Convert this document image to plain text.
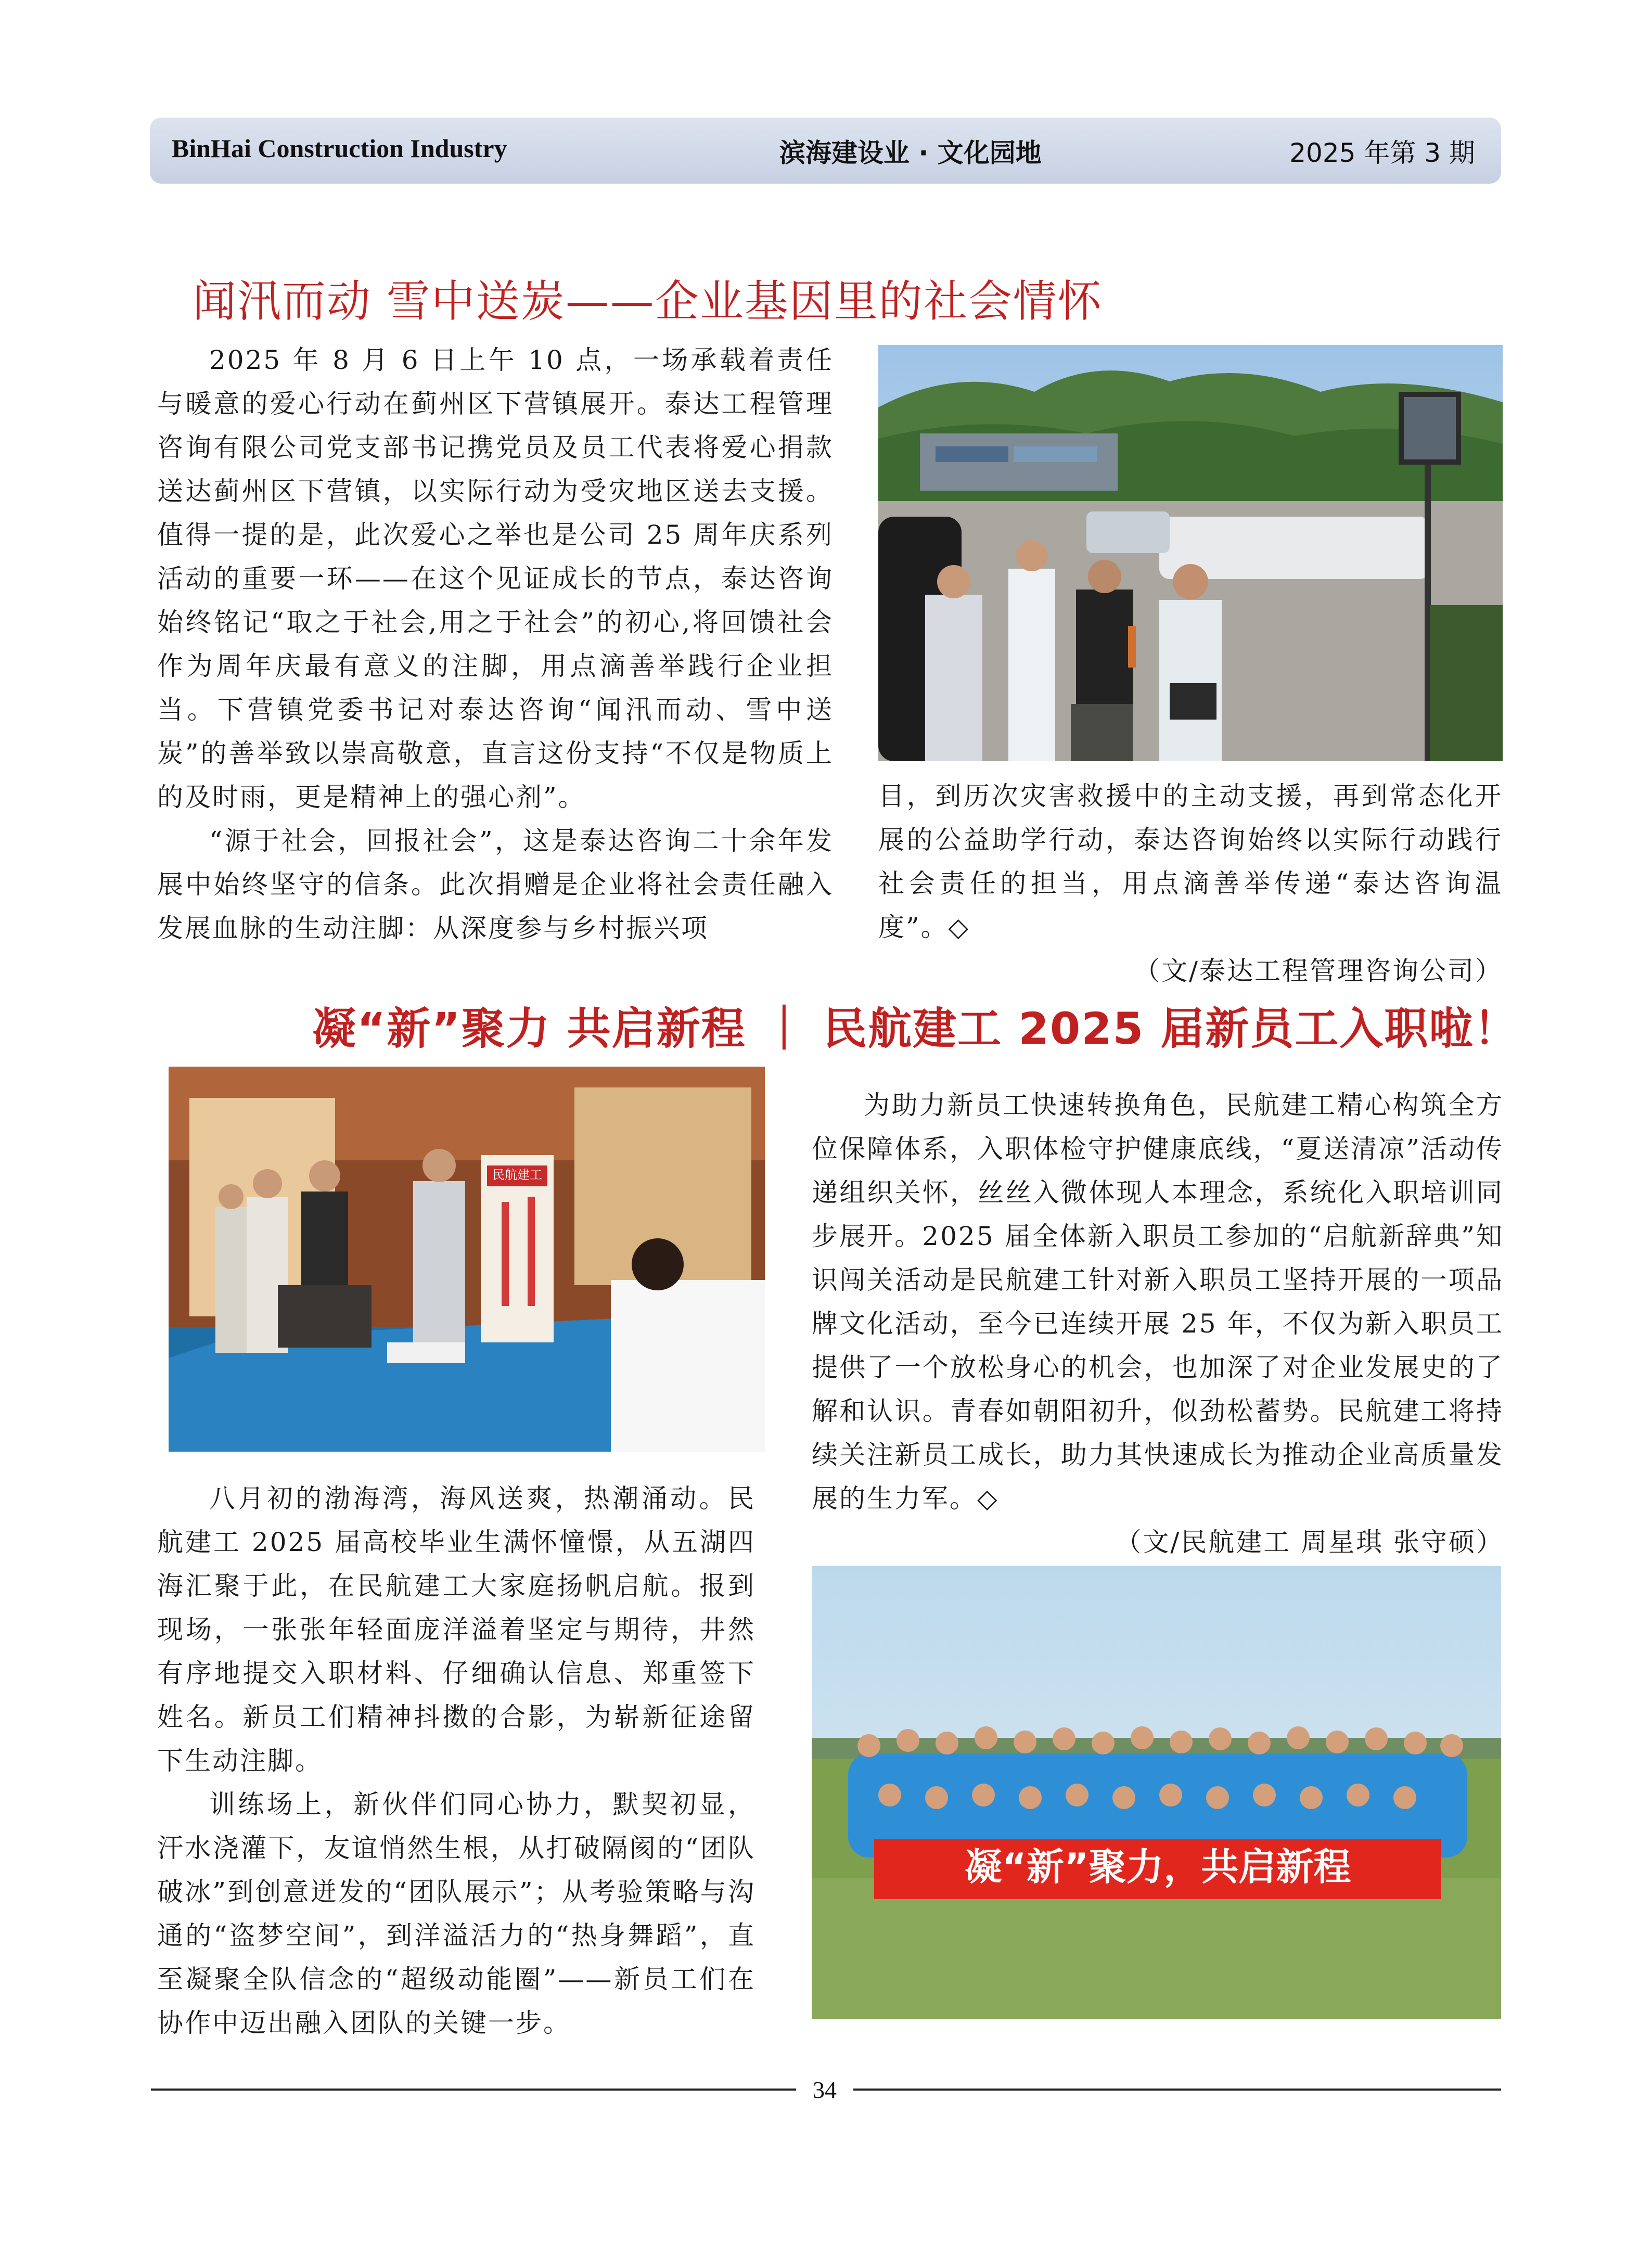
BinHai Construction Industry	滨海建设业 · 文化园地	2025 年第 3 期
闻汛而动 雪中送炭——企业基因里的社会情怀

2025 年 8 月 6 日上午 10 点，一场承载着责任与暖意的爱心行动在蓟州区下营镇展开。泰达工程管理咨询有限公司党支部书记携党员及员工代表将爱心捐款送达蓟州区下营镇，以实际行动为受灾地区送去支援。值得一提的是，此次爱心之举也是公司 25 周年庆系列活动的重要一环——在这个见证成长的节点，泰达咨询始终铭记“取之于社会,用之于社会”的初心,将回馈社会作为周年庆最有意义的注脚，用点滴善举践行企业担当。下营镇党委书记对泰达咨询“闻汛而动、雪中送炭”的善举致以崇高敬意，直言这份支持“不仅是物质上的及时雨，更是精神上的强心剂”。

“源于社会，回报社会”，这是泰达咨询二十余年发展中始终坚守的信条。此次捐赠是企业将社会责任融入发展血脉的生动注脚：从深度参与乡村振兴项

目，到历次灾害救援中的主动支援，再到常态化开展的公益助学行动，泰达咨询始终以实际行动践行社会责任的担当，用点滴善举传递“泰达咨询温度”。◇

（文/泰达工程管理咨询公司）

凝“新”聚力 共启新程 ｜ 民航建工 2025 届新员工入职啦！
民航建工

八月初的渤海湾，海风送爽，热潮涌动。民航建工 2025 届高校毕业生满怀憧憬，从五湖四海汇聚于此，在民航建工大家庭扬帆启航。报到现场，一张张年轻面庞洋溢着坚定与期待，井然有序地提交入职材料、仔细确认信息、郑重签下姓名。新员工们精神抖擞的合影，为崭新征途留下生动注脚。

训练场上，新伙伴们同心协力，默契初显，汗水浇灌下，友谊悄然生根，从打破隔阂的“团队破冰”到创意迸发的“团队展示”；从考验策略与沟通的“盗梦空间”，到洋溢活力的“热身舞蹈”，直至凝聚全队信念的“超级动能圈”——新员工们在协作中迈出融入团队的关键一步。

为助力新员工快速转换角色，民航建工精心构筑全方位保障体系，入职体检守护健康底线，“夏送清凉”活动传递组织关怀，丝丝入微体现人本理念，系统化入职培训同步展开。2025 届全体新入职员工参加的“启航新辞典”知识闯关活动是民航建工针对新入职员工坚持开展的一项品牌文化活动，至今已连续开展 25 年，不仅为新入职员工提供了一个放松身心的机会，也加深了对企业发展史的了解和认识。青春如朝阳初升，似劲松蓄势。民航建工将持续关注新员工成长，助力其快速成长为推动企业高质量发展的生力军。◇

（文/民航建工 周星琪 张守硕）

凝“新”聚力，共启新程
34
